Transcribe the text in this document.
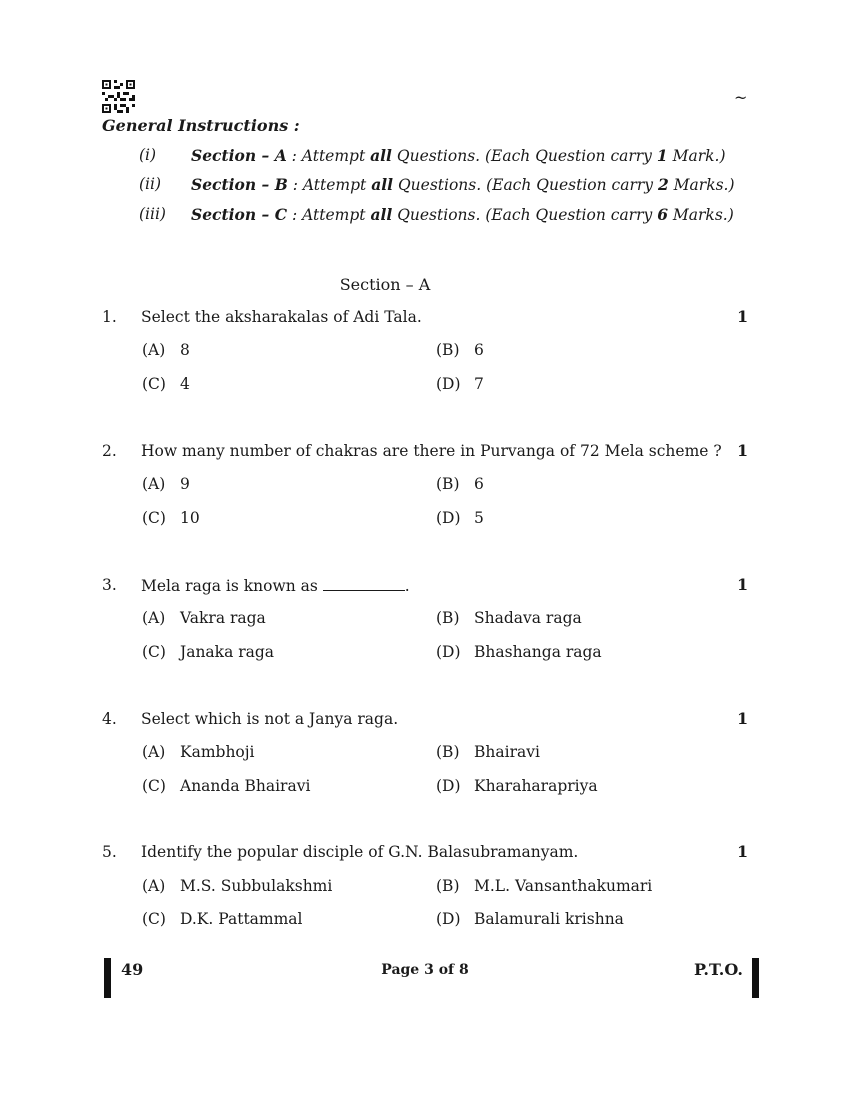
~
General Instructions :
(i) Section – A : Attempt all Questions. (Each Question carry 1 Mark.)
(ii) Section – B : Attempt all Questions. (Each Question carry 2 Marks.)
(iii) Section – C : Attempt all Questions. (Each Question carry 6 Marks.)
Section – A
1. Select the aksharakalas of Adi Tala.	1
(A) 8	(B) 6
(C) 4	(D) 7
2. How many number of chakras are there in Purvanga of 72 Mela scheme ? 1
(A) 9	(B) 6
(C) 10	(D) 5
3. Mela raga is known as	.	1
(A) Vakra raga	(B) Shadava raga
(C) Janaka raga	(D) Bhashanga raga
4. Select which is not a Janya raga.	1
(A) Kambhoji	(B) Bhairavi
(C) Ananda Bhairavi	(D) Kharaharapriya
5. Identify the popular disciple of G.N. Balasubramanyam.	1
(A) M.S. Subbulakshmi	(B) M.L. Vansanthakumari
(C) D.K. Pattammal	(D) Balamurali krishna
49	Page 3 of 8	P.T.O.
